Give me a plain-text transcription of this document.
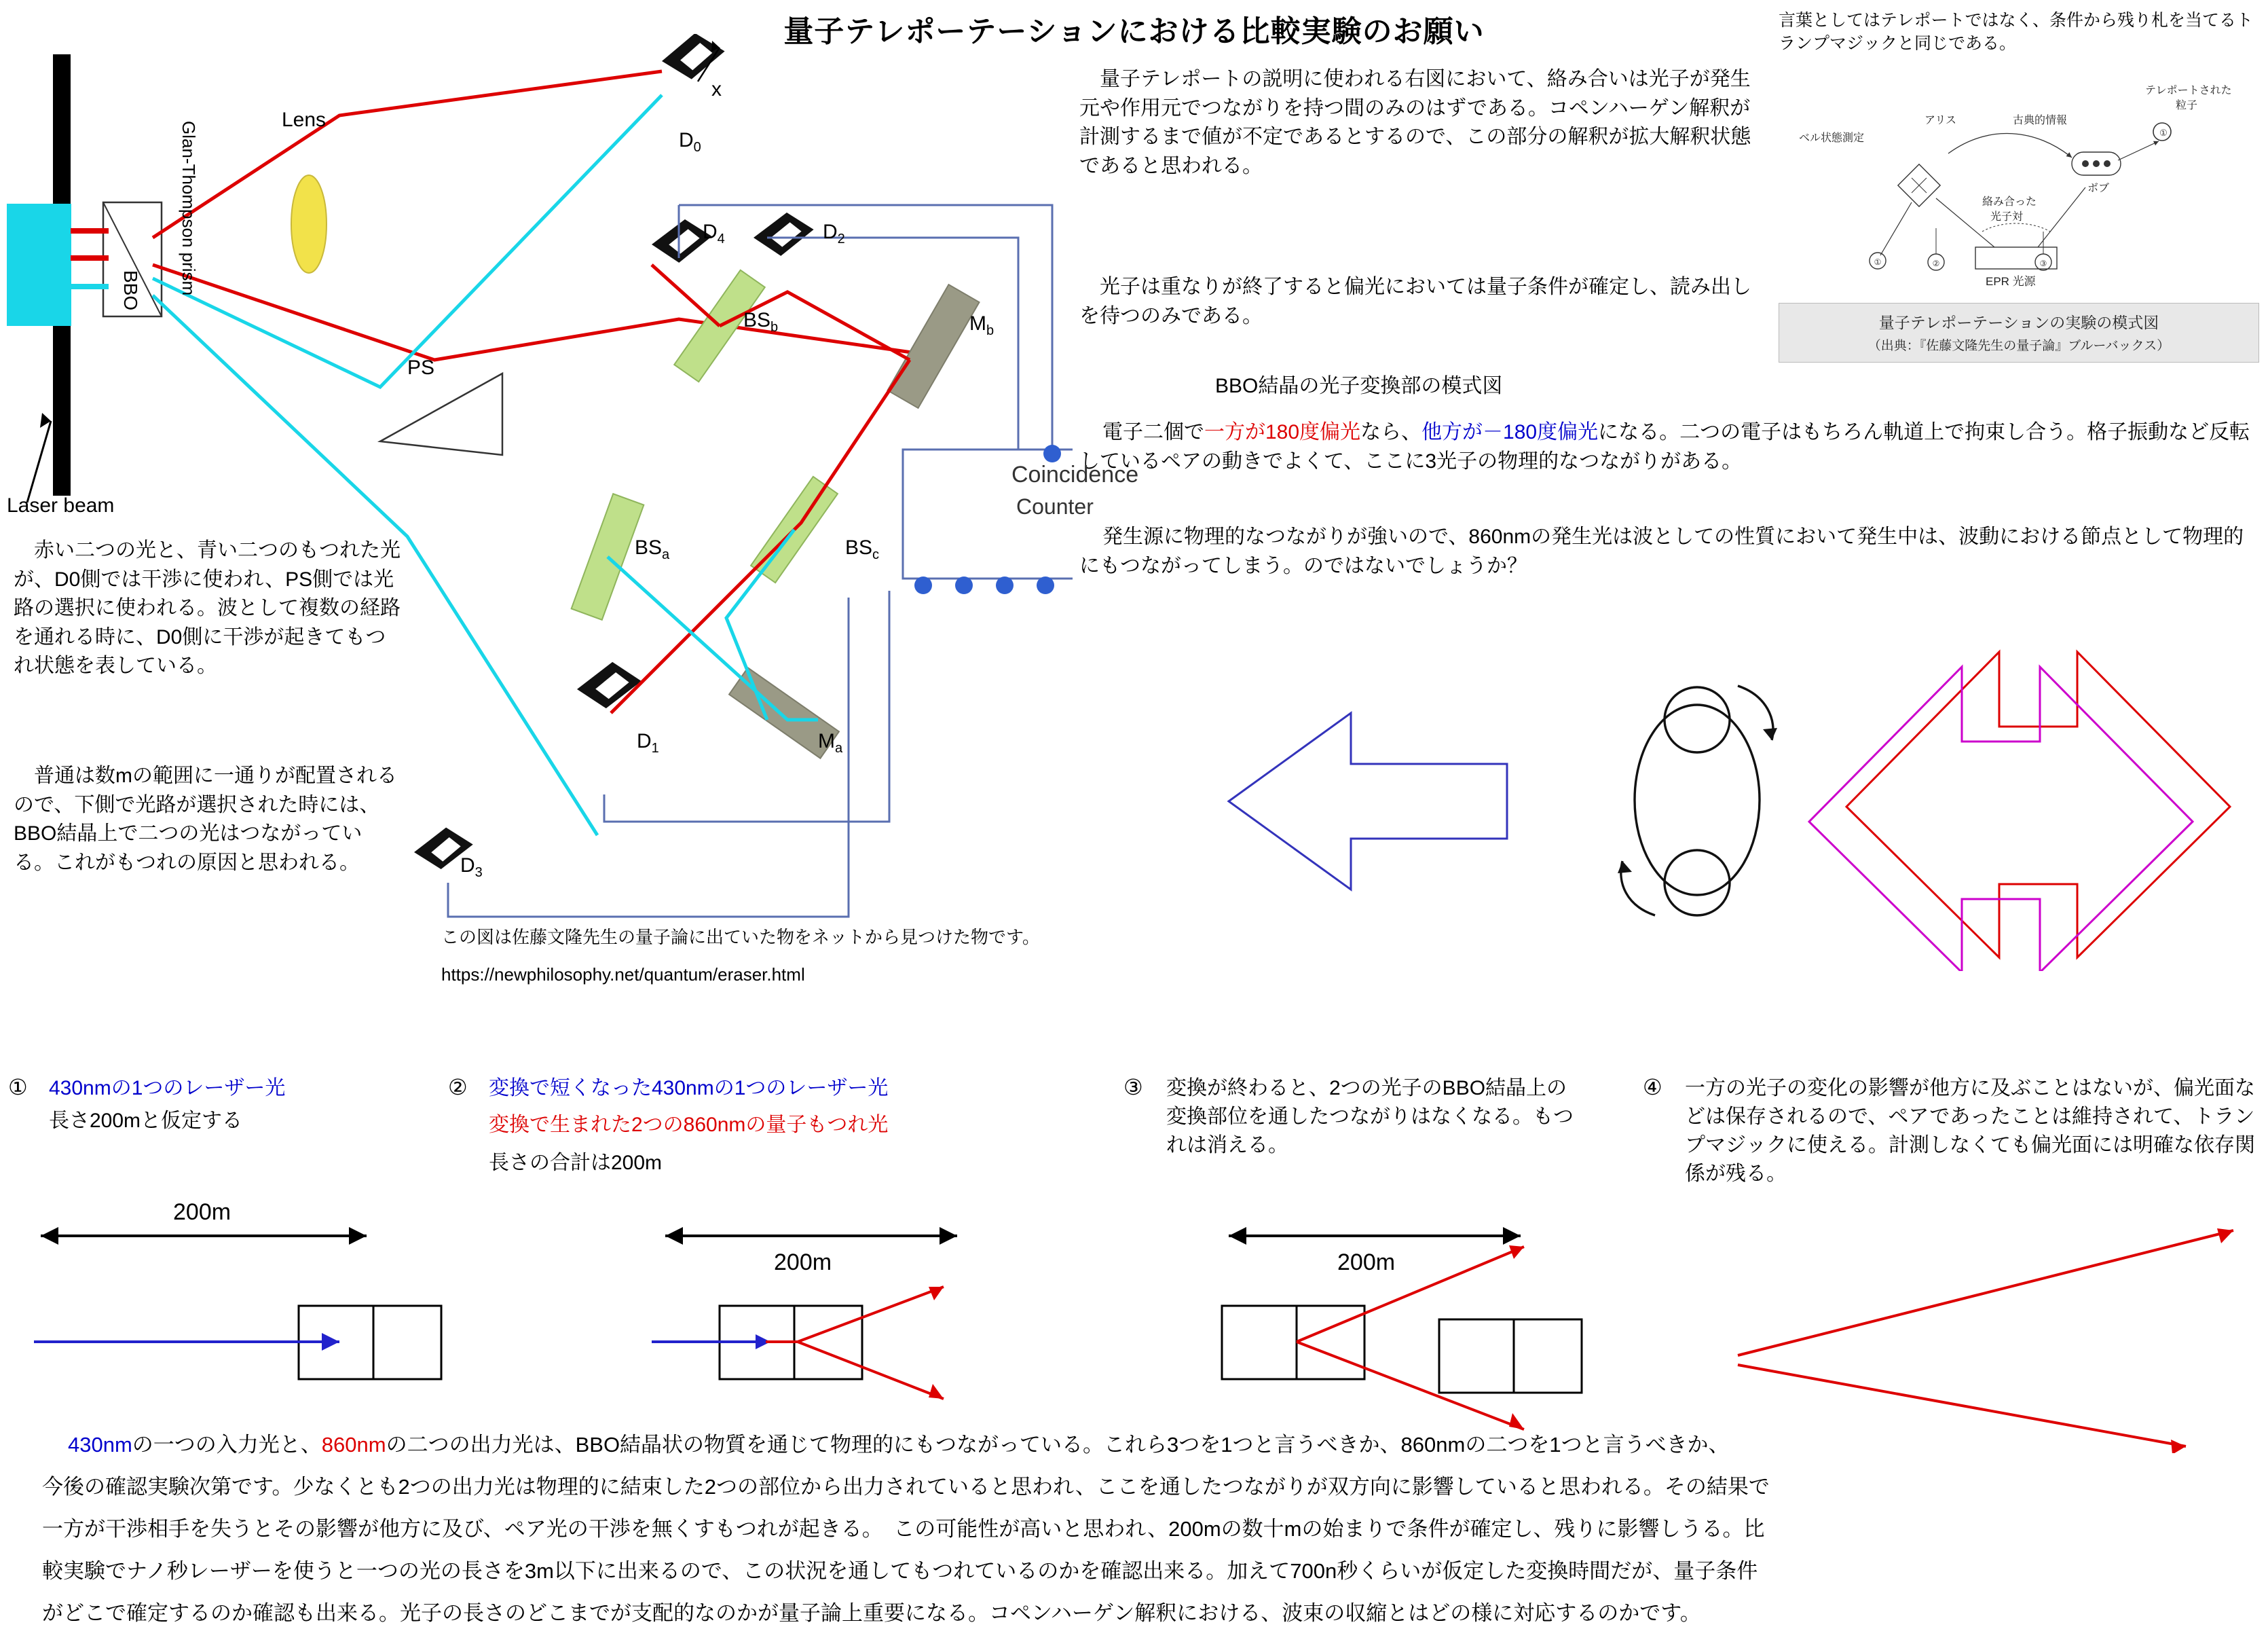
量子テレポーテーションにおける比較実験のお願い	言葉としてはテレポートではなく、条件から残り札を当てるトランプマジックと同じである。
①
①	②	③
ベル状態測定
アリス	古典的情報
絡み合った
光子対
ボブ
テレポートされた
粒子
EPR 光源
量子テレポーテーションの実験の模式図
（出典：『佐藤文隆先生の量子論』ブルーバックス）
量子テレポートの説明に使われる右図において、絡み合いは光子が発生元や作用元でつながりを持つ間のみのはずである。コペンハーゲン解釈が計測するまで値が不定であるとするので、この部分の解釈が拡大解釈状態であると思われる。
光子は重なりが終了すると偏光においては量子条件が確定し、読み出しを待つのみである。
BBO結晶の光子変換部の模式図
電子二個で一方が180度偏光なら、他方が－180度偏光になる。二つの電子はもちろん軌道上で拘束し合う。格子振動など反転しているペアの動きでよくて、ここに3光子の物理的なつながりがある。
発生源に物理的なつながりが強いので、860nmの発生光は波としての性質において発生中は、波動における節点として物理的にもつながってしまう。のではないでしょうか？
Lens
Glan-Thompson prism
BBO
Laser beam
PS
x
$D_0$
$D_4$	$D_2$
$D_1$
$D_3$
$BS_b$
$BS_a$	$BS_c$
$M_b$
$M_a$
Coincidence
Counter
赤い二つの光と、青い二つのもつれた光が、D0側では干渉に使われ、PS側では光路の選択に使われる。波として複数の経路を通れる時に、D0側に干渉が起きてもつれ状態を表している。
普通は数mの範囲に一通りが配置されるので、下側で光路が選択された時には、BBO結晶上で二つの光はつながっている。これがもつれの原因と思われる。
この図は佐藤文隆先生の量子論に出ていた物をネットから見つけた物です。
https://newphilosophy.net/quantum/eraser.html
① 430nmの1つのレーザー光
長さ200mと仮定する
200m
② 変換で短くなった430nmの1つのレーザー光
変換で生まれた2つの860nmの量子もつれ光
長さの合計は200m
200m
③ 変換が終わると、2つの光子のBBO結晶上の変換部位を通したつながりはなくなる。もつれは消える。
200m
④ 一方の光子の変化の影響が他方に及ぶことはないが、偏光面などは保存されるので、ペアであったことは維持されて、トランプマジックに使える。計測しなくても偏光面には明確な依存関係が残る。
430nmの一つの入力光と、860nmの二つの出力光は、BBO結晶状の物質を通じて物理的にもつながっている。これら3つを1つと言うべきか、860nmの二つを1つと言うべきか、
今後の確認実験次第です。少なくとも2つの出力光は物理的に結束した2つの部位から出力されていると思われ、ここを通したつながりが双方向に影響していると思われる。その結果で
一方が干渉相手を失うとその影響が他方に及び、ペア光の干渉を無くすもつれが起きる。　この可能性が高いと思われ、200mの数十mの始まりで条件が確定し、残りに影響しうる。比
較実験でナノ秒レーザーを使うと一つの光の長さを3m以下に出来るので、この状況を通してもつれているのかを確認出来る。加えて700n秒くらいが仮定した変換時間だが、量子条件
がどこで確定するのか確認も出来る。光子の長さのどこまでが支配的なのかが量子論上重要になる。コペンハーゲン解釈における、波束の収縮とはどの様に対応するのかです。
